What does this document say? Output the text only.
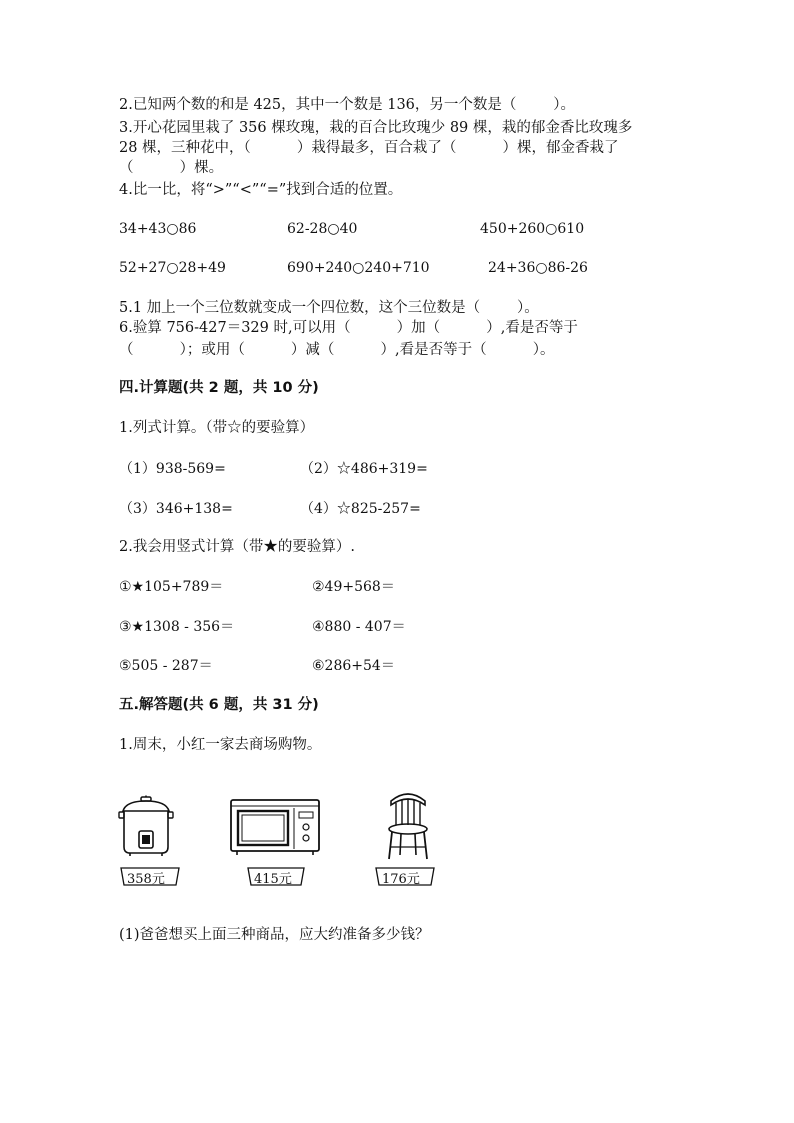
2.已知两个数的和是 425，其中一个数是 136，另一个数是（        ）。
3.开心花园里栽了 356 棵玫瑰，栽的百合比玫瑰少 89 棵，栽的郁金香比玫瑰多
28 棵，三种花中，（          ）栽得最多，百合栽了（          ）棵，郁金香栽了
（          ）棵。
4.比一比，将“>”“<”“=”找到合适的位置。
34+43○86	62-28○40	450+260○610
52+27○28+49	690+240○240+710	24+36○86-26
5.1 加上一个三位数就变成一个四位数，这个三位数是（        ）。
6.验算 756-427＝329 时,可以用（          ）加（          ）,看是否等于
（          ）；或用（          ）减（          ）,看是否等于（          ）。
四.计算题(共 2 题，共 10 分)
1.列式计算。（带☆的要验算）
（1）938-569=	（2）☆486+319=
（3）346+138=	（4）☆825-257=
2.我会用竖式计算（带★的要验算）.
①★105+789＝	②49+568＝
③★1308 - 356＝	④880 - 407＝
⑤505 - 287＝	⑥286+54＝
五.解答题(共 6 题，共 31 分)
1.周末，小红一家去商场购物。
358元	415元	176元
(1)爸爸想买上面三种商品，应大约准备多少钱？
